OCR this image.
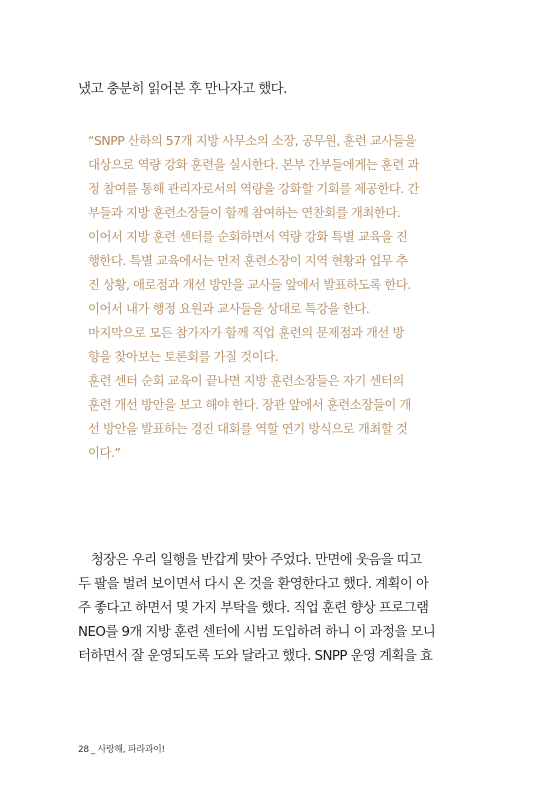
냈고 충분히 읽어본 후 만나자고 했다.
“SNPP 산하의 57개 지방 사무소의 소장, 공무원, 훈련 교사들을
대상으로 역량 강화 훈련을 실시한다. 본부 간부들에게는 훈련 과
정 참여를 통해 관리자로서의 역량을 강화할 기회를 제공한다. 간
부들과 지방 훈련소장들이 함께 참여하는 연찬회를 개최한다.
이어서 지방 훈련 센터를 순회하면서 역량 강화 특별 교육을 진
행한다. 특별 교육에서는 먼저 훈련소장이 지역 현황과 업무 추
진 상황, 애로점과 개선 방안을 교사들 앞에서 발표하도록 한다.
이어서 내가 행정 요원과 교사들을 상대로 특강을 한다.
마지막으로 모든 참가자가 함께 직업 훈련의 문제점과 개선 방
향을 찾아보는 토론회를 가질 것이다.
훈련 센터 순회 교육이 끝나면 지방 훈련소장들은 자기 센터의
훈련 개선 방안을 보고 해야 한다. 장관 앞에서 훈련소장들이 개
선 방안을 발표하는 경진 대회를 역할 연기 방식으로 개최할 것
이다.”
 청장은 우리 일행을 반갑게 맞아 주었다. 만면에 웃음을 띠고
두 팔을 벌려 보이면서 다시 온 것을 환영한다고 했다. 계획이 아
주 좋다고 하면서 몇 가지 부탁을 했다. 직업 훈련 향상 프로그램
NEO를 9개 지방 훈련 센터에 시범 도입하려 하니 이 과정을 모니
터하면서 잘 운영되도록 도와 달라고 했다. SNPP 운영 계획을 효
28 _ 사랑해, 파라과이!
